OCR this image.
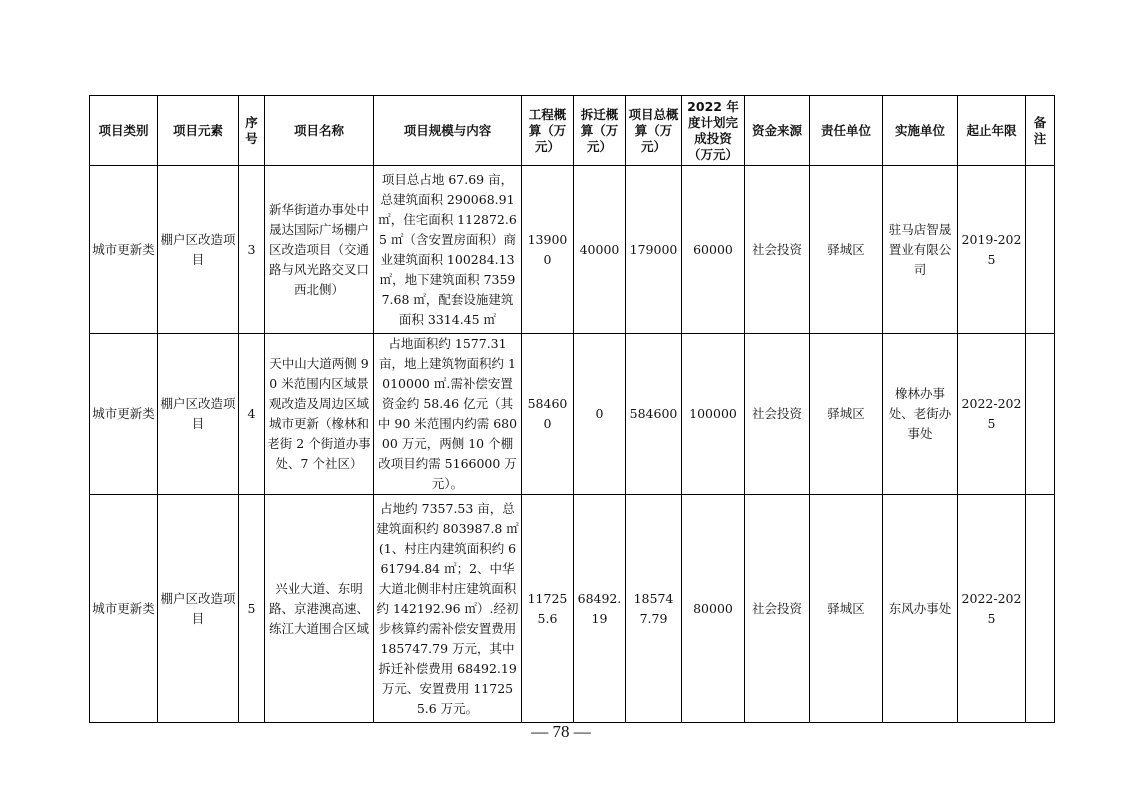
项目类别	项目元素	序号	项目名称	项目规模与内容	工程概算（万元）	拆迁概算（万元）	项目总概算（万元）	2022 年度计划完成投资（万元）	资金来源	责任单位	实施单位	起止年限	备注
城市更新类	棚户区改造项目	3	新华街道办事处中晟达国际广场棚户区改造项目（交通路与风光路交叉口西北侧）	项目总占地 67.69 亩，总建筑面积 290068.91 ㎡，住宅面积 112872.65 ㎡（含安置房面积）商业建筑面积 100284.13 ㎡，地下建筑面积 73597.68 ㎡，配套设施建筑面积 3314.45 ㎡	139000	40000	179000	60000	社会投资	驿城区	驻马店智晟置业有限公司	2019-2025	
城市更新类	棚户区改造项目	4	天中山大道两侧 90 米范围内区域景观改造及周边区域城市更新（橡林和老街 2 个街道办事处、7 个社区）	占地面积约 1577.31 亩，地上建筑物面积约 1010000 ㎡.需补偿安置资金约 58.46 亿元（其中 90 米范围内约需 68000 万元，两侧 10 个棚改项目约需 5166000 万元）。	584600	0	584600	100000	社会投资	驿城区	橡林办事处、老街办事处	2022-2025	
城市更新类	棚户区改造项目	5	兴业大道、东明路、京港澳高速、练江大道围合区域	占地约 7357.53 亩，总建筑面积约 803987.8 ㎡(1、村庄内建筑面积约 661794.84 ㎡；2、中华大道北侧非村庄建筑面积约 142192.96 ㎡）.经初步核算约需补偿安置费用 185747.79 万元，其中拆迁补偿费用 68492.19 万元、安置费用 117255.6 万元。	117255.6	68492.19	185747.79	80000	社会投资	驿城区	东风办事处	2022-2025	
— 78 —
